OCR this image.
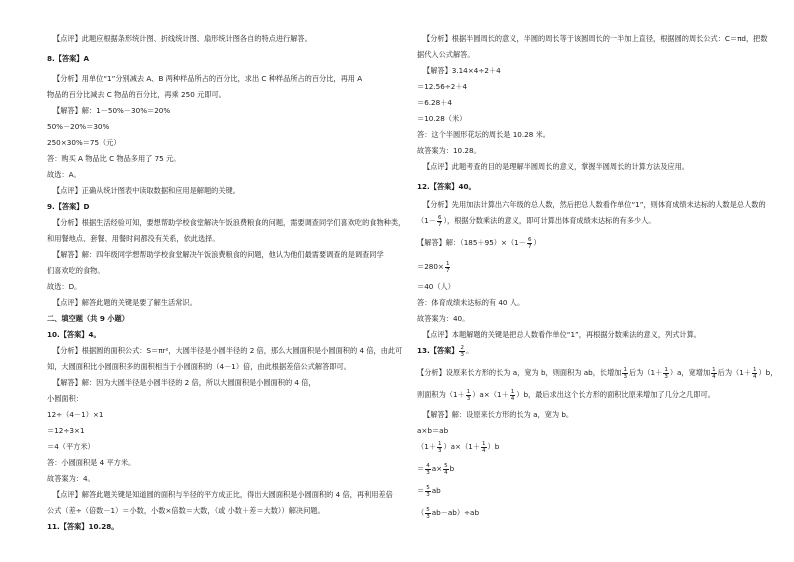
【点评】此题应根据条形统计图、折线统计图、扇形统计图各自的特点进行解答。
8.【答案】A
【分析】用单位“1”分别减去 A、B 两种样品所占的百分比，求出 C 种样品所占的百分比，再用 A
物品的百分比减去 C 物品的百分比，再乘 250 元即可。
【解答】解：1－50%－30%＝20%
50%－20%＝30%
250×30%＝75（元）
答：购买 A 物品比 C 物品多用了 75 元。
故选：A。
【点评】正确从统计图表中读取数据和应用是解题的关键。
9.【答案】D
【分析】根据生活经验可知，要想帮助学校食堂解决午饭浪费粮食的问题，需要调查同学们喜欢吃的食物种类，
和用餐地点、套餐、用餐时间都没有关系，依此选择。
【解答】解：四年级同学想帮助学校食堂解决午饭浪费粮食的问题，他认为他们最需要调查的是调查同学
们喜欢吃的食物。
故选：D。
【点评】解答此题的关键是要了解生活常识。
二、填空题（共 9 小题）
10.【答案】4。
【分析】根据圆的面积公式：S＝πr²，大圆半径是小圆半径的 2 倍，那么大圆面积是小圆面积的 4 倍，由此可
知，大圆面积比小圆面积多的面积相当于小圆面积的（4－1）倍，由此根据差倍公式解答即可。
【解答】解：因为大圆半径是小圆半径的 2 倍，所以大圆面积是小圆面积的 4 倍，
小圆面积：
12÷（4－1）×1
＝12÷3×1
＝4（平方米）
答：小圆面积是 4 平方米。
故答案为：4。
【点评】解答此题关键是知道圆的面积与半径的平方成正比，得出大圆面积是小圆面积的 4 倍，再利用差倍
公式（差÷（倍数－1）＝小数，小数×倍数＝大数，（或 小数＋差＝大数））解决问题。
11.【答案】10.28。
【分析】根据半圆周长的意义，半圆的周长等于该圆周长的一半加上直径，根据圆的周长公式：C＝πd，把数
据代入公式解答。
【解答】3.14×4÷2＋4
＝12.56÷2＋4
＝6.28＋4
＝10.28（米）
答：这个半圆形花坛的周长是 10.28 米。
故答案为：10.28。
【点评】此题考查的目的是理解半圆周长的意义，掌握半圆周长的计算方法及应用。
12.【答案】40。
【分析】先用加法计算出六年级的总人数，然后把总人数看作单位“1”，则体育成绩未达标的人数是总人数的
（$1- \frac{6}{7}$ ），根据分数乘法的意义，即可计算出体育成绩未达标的有多少人。
【解答】解：$(185+95)\times(1- \frac{6}{7}$ ）
$=280\times \frac{1}{7}$
＝40（人）
答：体育成绩未达标的有 40 人。
故答案为：40。
【点评】本题解题的关键是把总人数看作单位“1”，再根据分数乘法的意义，列式计算。
13.【答案】 $\frac{2}{3}$ 。
【分析】设原来长方形的长为 a，宽为 b，则面积为 ab，长增加 $\frac{1}{3}$ 后为$(1+ \frac{1}{3} )a$，宽增加 $\frac{1}{4}$ 后为$(1+ \frac{1}{4} )b$，
则面积为$(1+ \frac{1}{3} )a\times(1+ \frac{1}{4} )b$，最后求出这个长方形的面积比原来增加了几分之几即可。
【解答】解：设原来长方形的长为 a，宽为 b。
a×b＝ab
$(1+ \frac{1}{3} )a\times(1+ \frac{1}{4} )b$
＝ $\frac{4}{3} a\times \frac{5}{4}$ b
＝ $\frac{5}{3}$ ab
（ $\frac{5}{3} ab-ab)\div ab$
